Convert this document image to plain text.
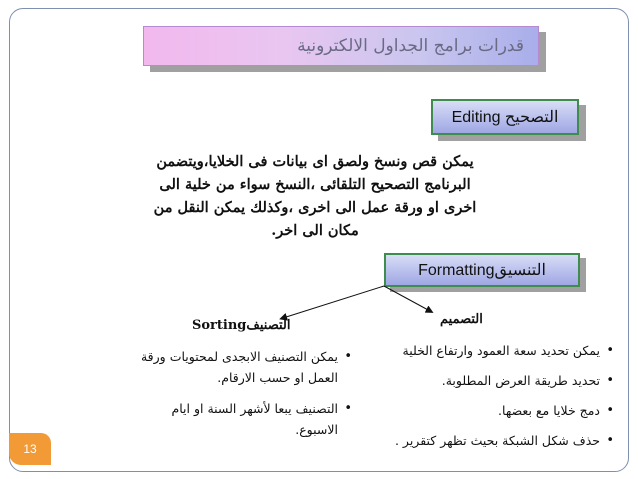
قدرات برامج الجداول الالكترونية
التصحيح Editing

يمكن قص ونسخ ولصق اى بيانات فى الخلايا،ويتضمن
البرنامج التصحيح التلقائى ،النسخ سواء من خلية الى
اخرى او ورقة عمل الى اخرى ،وكذلك يمكن النقل من
مكان الى اخر.

التنسيقFormatting
التصميم
التصنيفSorting
•
يمكن تحديد سعة العمود وارتفاع الخلية
•
تحديد طريقة العرض المطلوبة.
•
دمج خلايا مع بعضها.
•
حذف شكل الشبكة بحيث تظهر كتقرير .
•
يمكن التصنيف الابجدى لمحتويات ورقة العمل او حسب الارقام.
•
التصنيف يبعا لأشهر السنة او ايام الاسبوع.
13
